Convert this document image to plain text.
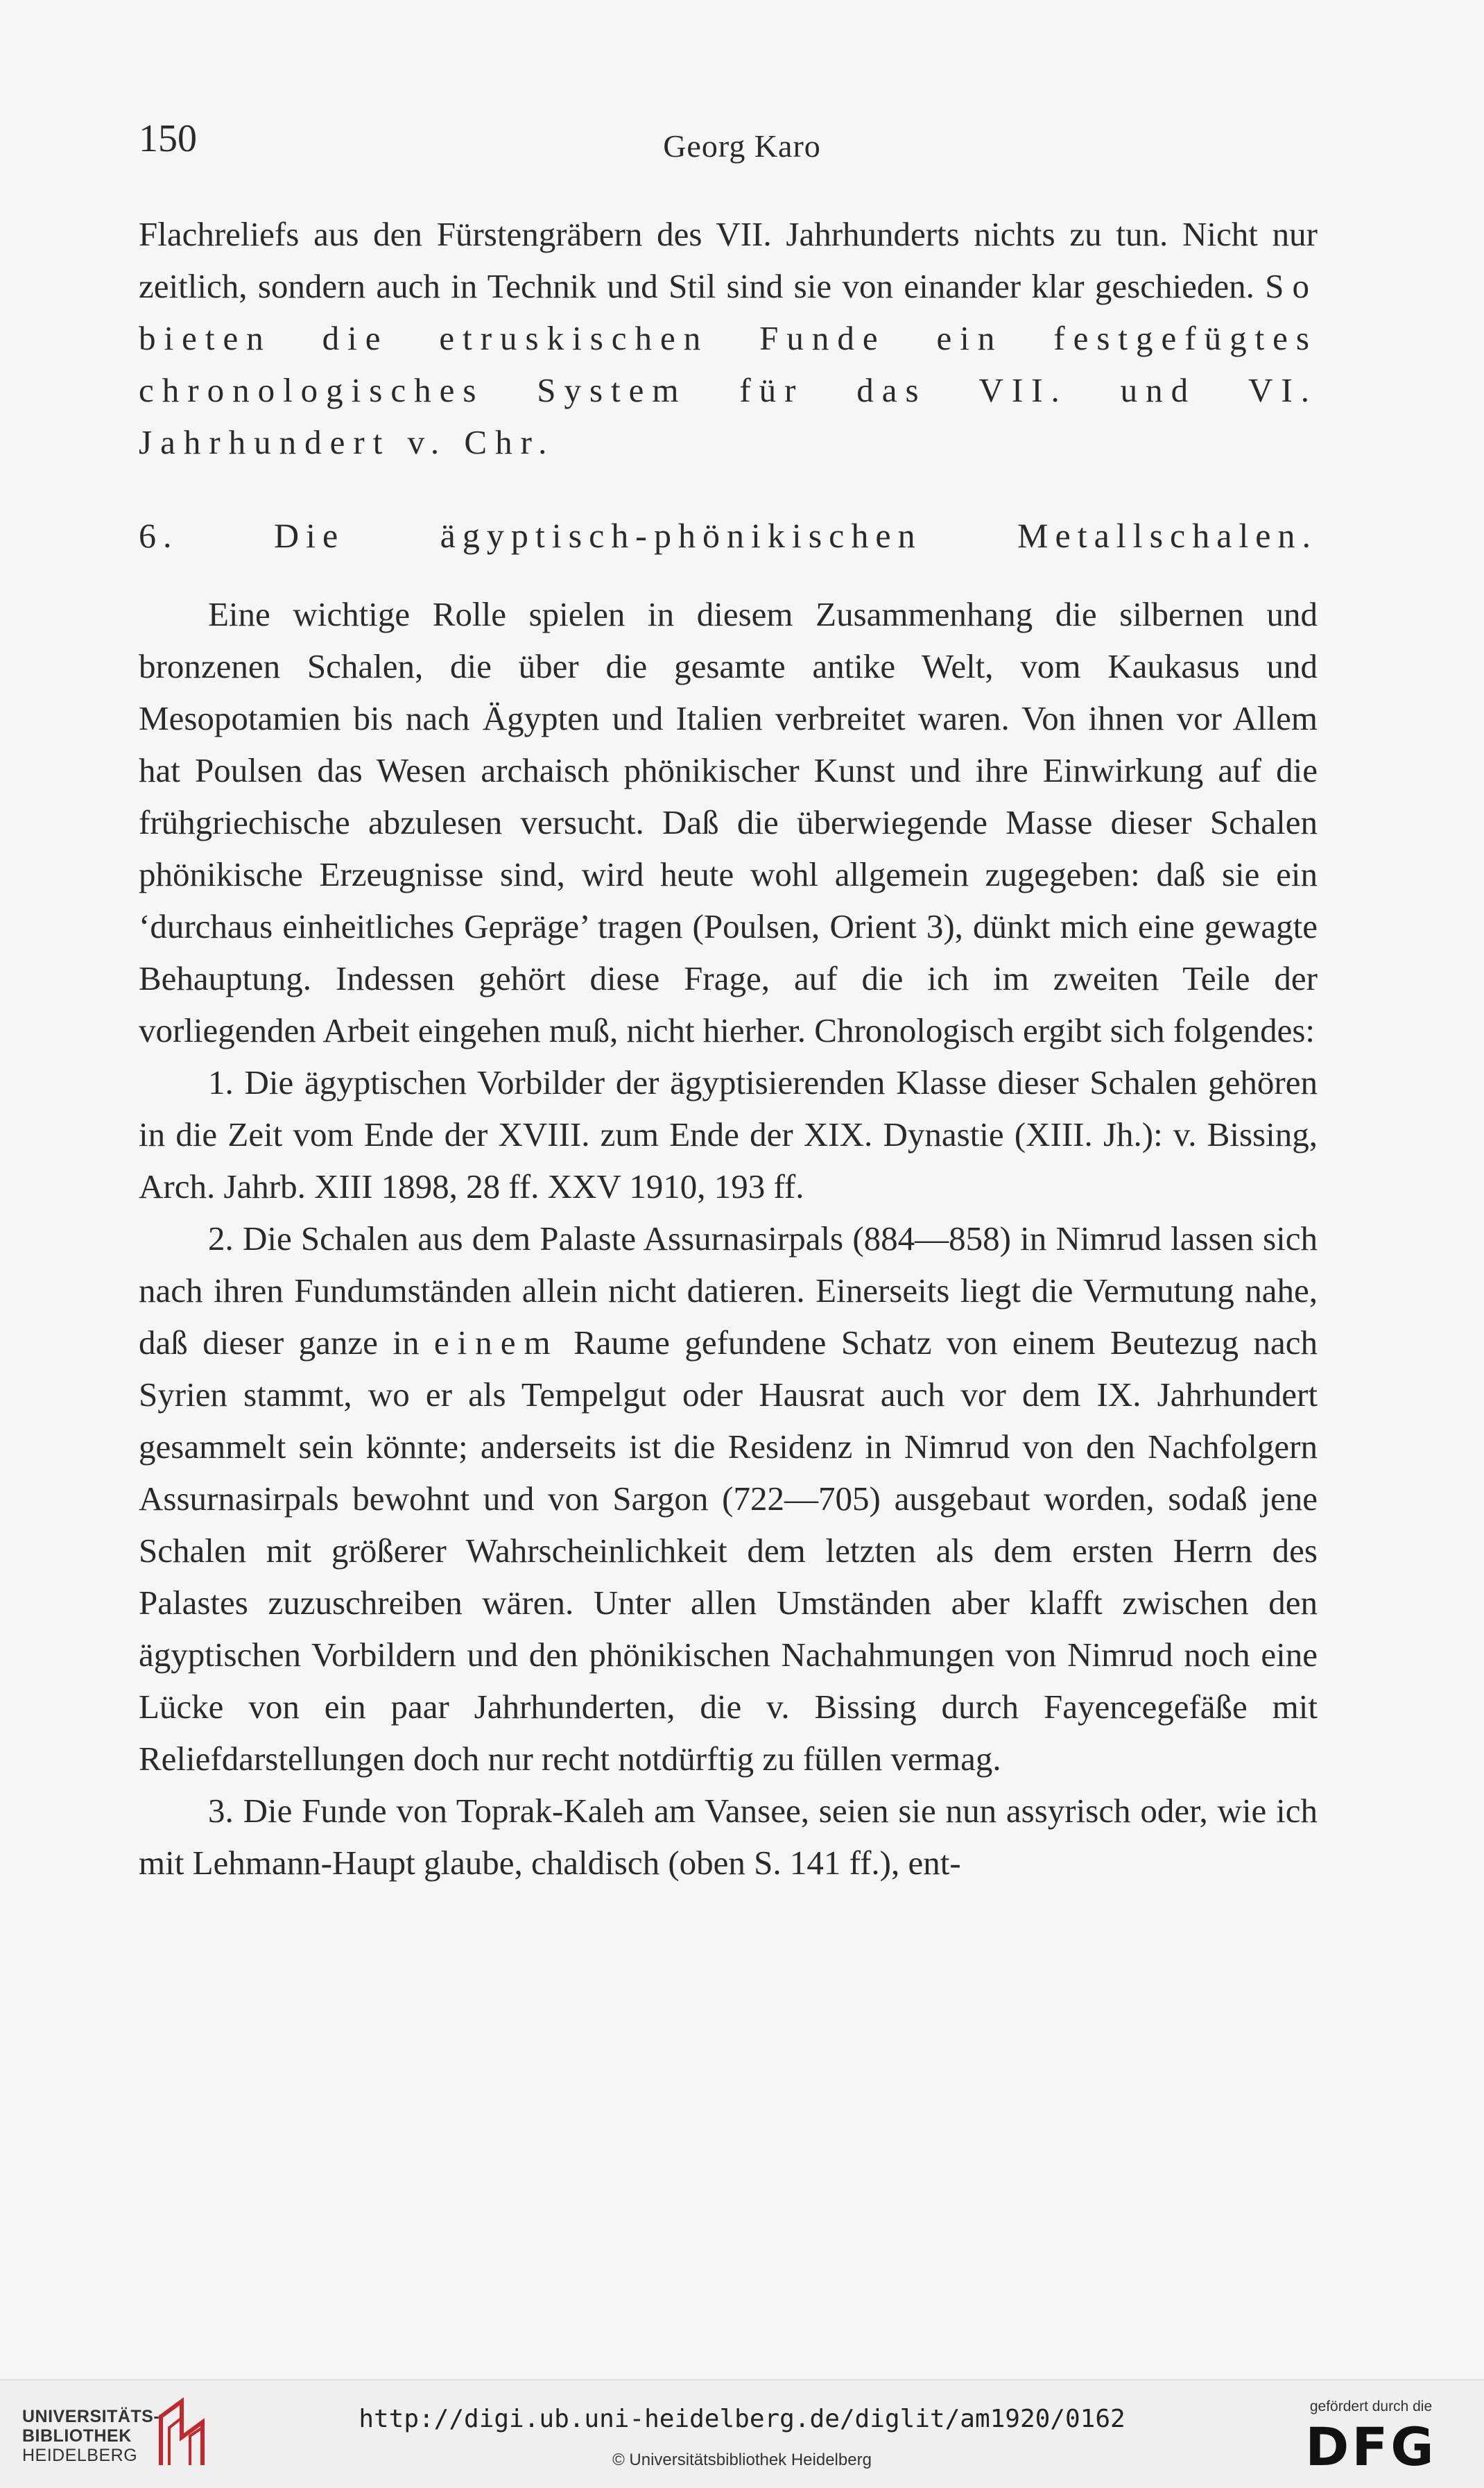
150	Georg Karo

Flachreliefs aus den Fürstengräbern des VII. Jahrhunderts nichts zu tun. Nicht nur zeitlich, sondern auch in Technik und Stil sind sie von einander klar geschieden. So bieten die etruskischen Funde ein festgefügtes chronologisches System für das VII. und VI. Jahrhundert v. Chr.

6. Die ägyptisch-phönikischen Metallschalen.

Eine wichtige Rolle spielen in diesem Zusammenhang die silbernen und bronzenen Schalen, die über die gesamte antike Welt, vom Kaukasus und Mesopotamien bis nach Ägypten und Italien verbreitet waren. Von ihnen vor Allem hat Poulsen das Wesen archaisch phönikischer Kunst und ihre Einwirkung auf die frühgriechische abzulesen versucht. Daß die überwiegende Masse dieser Schalen phönikische Erzeugnisse sind, wird heute wohl allgemein zugegeben: daß sie ein ‘durchaus einheitliches Gepräge’ tragen (Poulsen, Orient 3), dünkt mich eine gewagte Behauptung. Indessen gehört diese Frage, auf die ich im zweiten Teile der vorliegenden Arbeit eingehen muß, nicht hierher. Chronologisch ergibt sich folgendes:

1. Die ägyptischen Vorbilder der ägyptisierenden Klasse dieser Schalen gehören in die Zeit vom Ende der XVIII. zum Ende der XIX. Dynastie (XIII. Jh.): v. Bissing, Arch. Jahrb. XIII 1898, 28 ff. XXV 1910, 193 ff.

2. Die Schalen aus dem Palaste Assurnasirpals (884—858) in Nimrud lassen sich nach ihren Fundumständen allein nicht datieren. Einerseits liegt die Vermutung nahe, daß dieser ganze in einem Raume gefundene Schatz von einem Beutezug nach Syrien stammt, wo er als Tempelgut oder Hausrat auch vor dem IX. Jahrhundert gesammelt sein könnte; anderseits ist die Residenz in Nimrud von den Nachfolgern Assurnasirpals bewohnt und von Sargon (722—705) ausgebaut worden, sodaß jene Schalen mit größerer Wahrscheinlichkeit dem letzten als dem ersten Herrn des Palastes zuzuschreiben wären. Unter allen Umständen aber klafft zwischen den ägyptischen Vorbildern und den phönikischen Nachahmungen von Nimrud noch eine Lücke von ein paar Jahrhunderten, die v. Bissing durch Fayencegefäße mit Reliefdarstellungen doch nur recht notdürftig zu füllen vermag.

3. Die Funde von Toprak-Kaleh am Vansee, seien sie nun assyrisch oder, wie ich mit Lehmann-Haupt glaube, chaldisch (oben S. 141 ff.), ent-

UNIVERSITÄTS-
BIBLIOTHEK
HEIDELBERG
http://digi.ub.uni-heidelberg.de/diglit/am1920/0162
© Universitätsbibliothek Heidelberg
gefördert durch die
DFG
